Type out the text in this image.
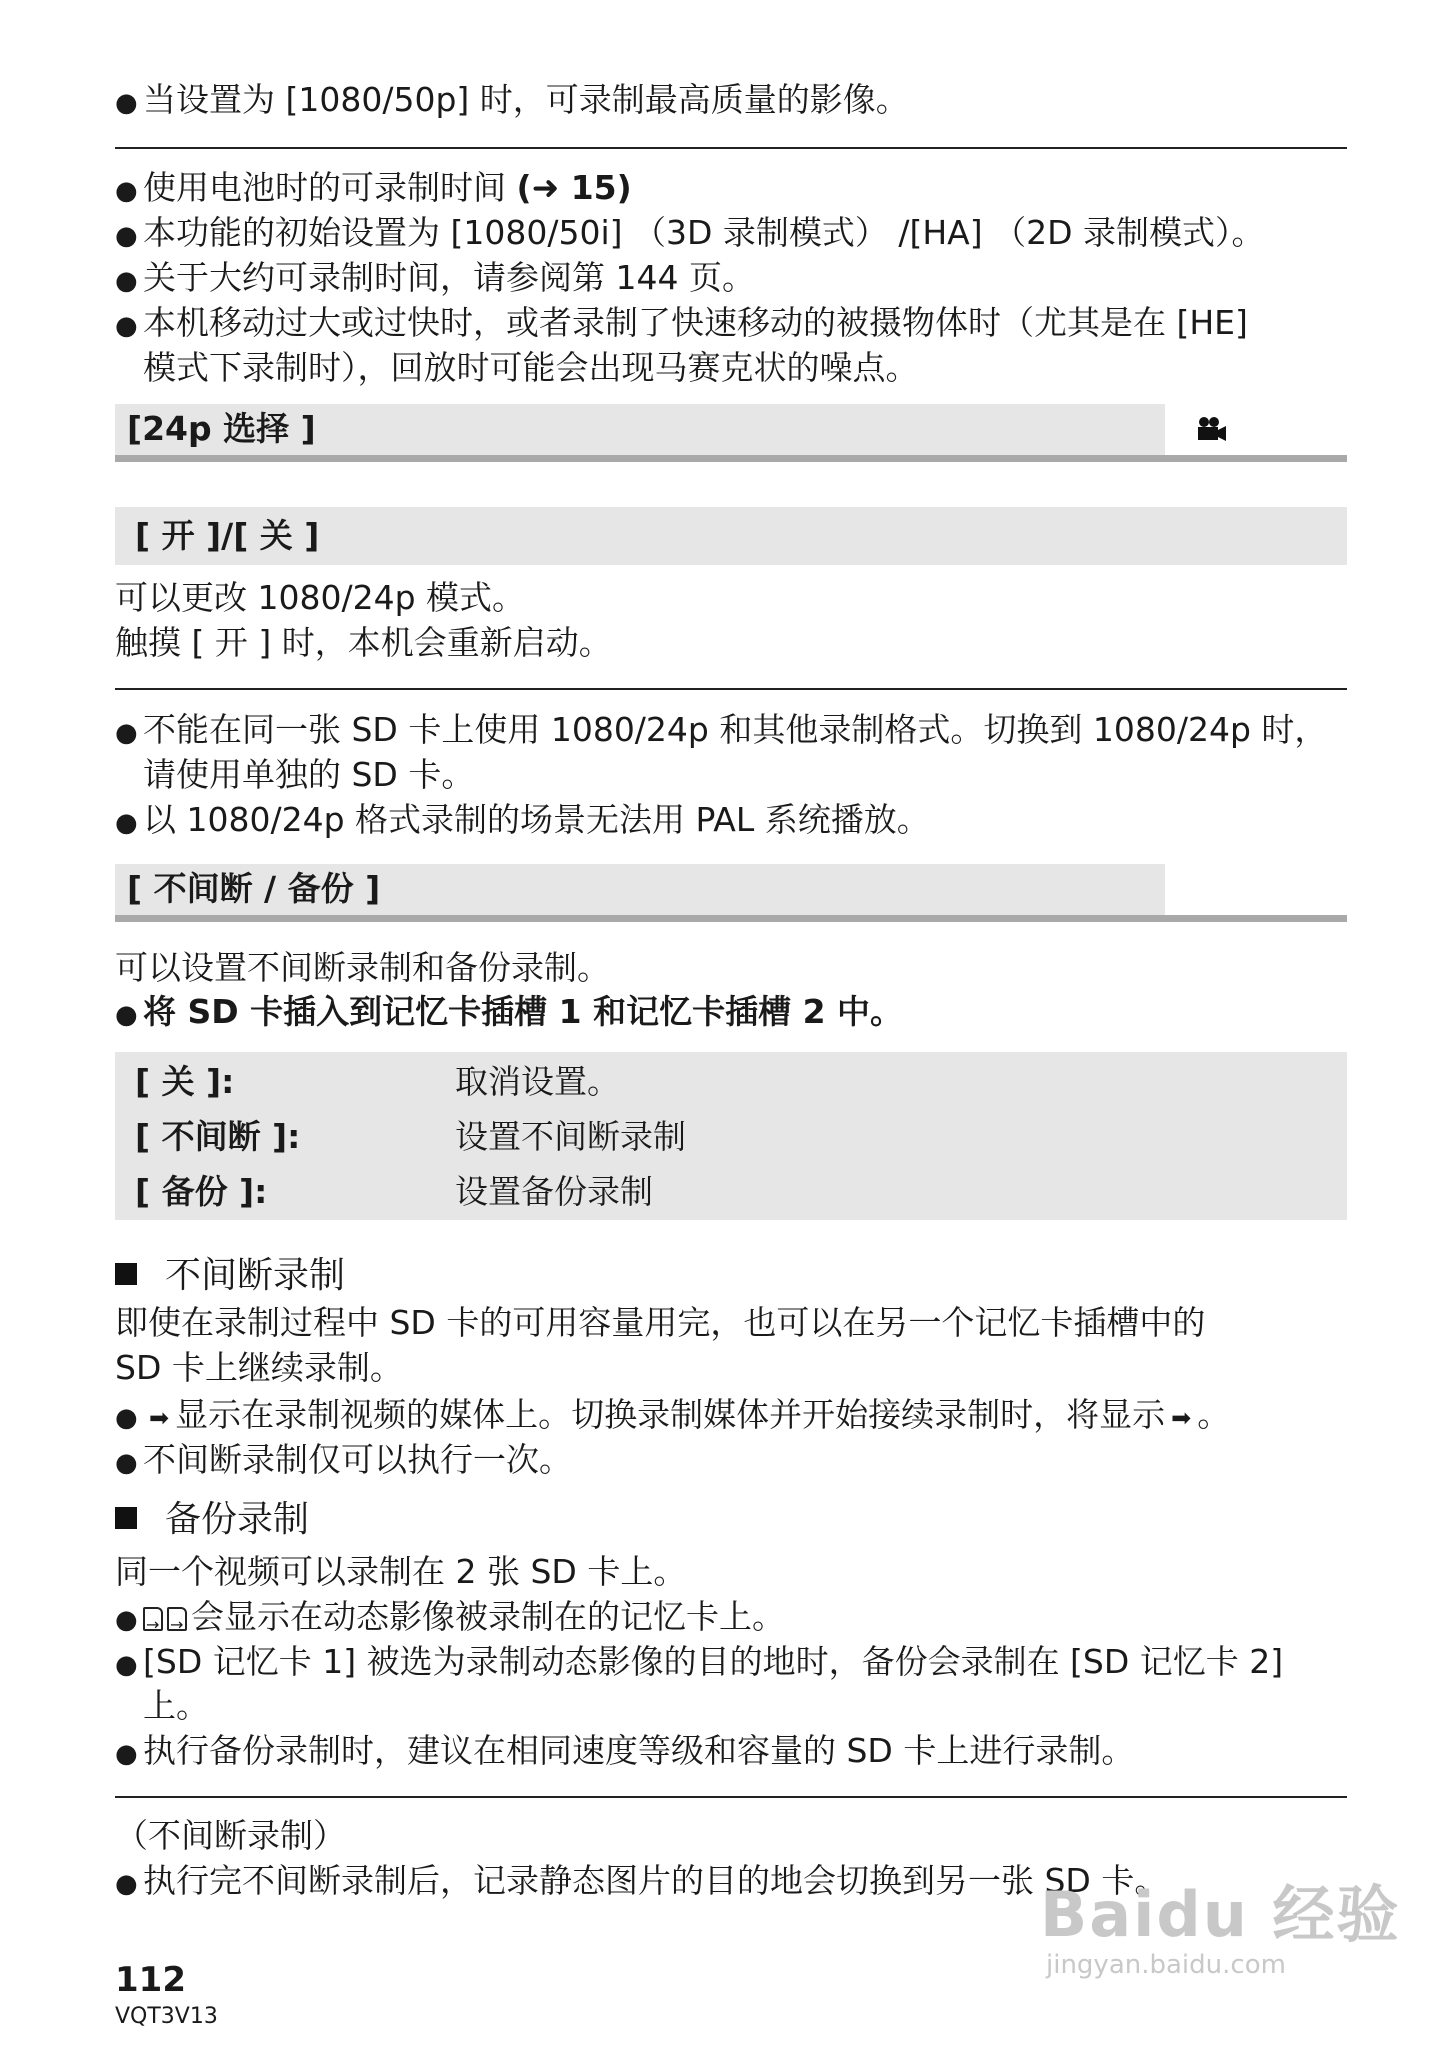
● 当设置为 [1080/50p] 时，可录制最高质量的影像。
● 使用电池时的可录制时间 (➜ 15)
● 本功能的初始设置为 [1080/50i] （3D 录制模式） /[HA] （2D 录制模式）。
● 关于大约可录制时间，请参阅第 144 页。
● 本机移动过大或过快时，或者录制了快速移动的被摄物体时（尤其是在 [HE]
模式下录制时），回放时可能会出现马赛克状的噪点。
[24p 选择 ]
[ 开 ]/[ 关 ]
可以更改 1080/24p 模式。
触摸 [ 开 ] 时，本机会重新启动。
● 不能在同一张 SD 卡上使用 1080/24p 和其他录制格式。切换到 1080/24p 时，
请使用单独的 SD 卡。
● 以 1080/24p 格式录制的场景无法用 PAL 系统播放。
[ 不间断 / 备份 ]
可以设置不间断录制和备份录制。
● 将 SD 卡插入到记忆卡插槽 1 和记忆卡插槽 2 中。
[ 关 ]:	取消设置。
[ 不间断 ]:	设置不间断录制
[ 备份 ]:	设置备份录制
不间断录制
即使在录制过程中 SD 卡的可用容量用完，也可以在另一个记忆卡插槽中的
SD 卡上继续录制。
● ➡ 显示在录制视频的媒体上。切换录制媒体并开始接续录制时，将显示 ➡ 。
● 不间断录制仅可以执行一次。
备份录制
同一个视频可以录制在 2 张 SD 卡上。
● → → 会显示在动态影像被录制在的记忆卡上。
● [SD 记忆卡 1] 被选为录制动态影像的目的地时，备份会录制在 [SD 记忆卡 2]
上。
● 执行备份录制时，建议在相同速度等级和容量的 SD 卡上进行录制。
（不间断录制）
● 执行完不间断录制后，记录静态图片的目的地会切换到另一张 SD 卡。
Baidu 经验
jingyan.baidu.com
112
VQT3V13
